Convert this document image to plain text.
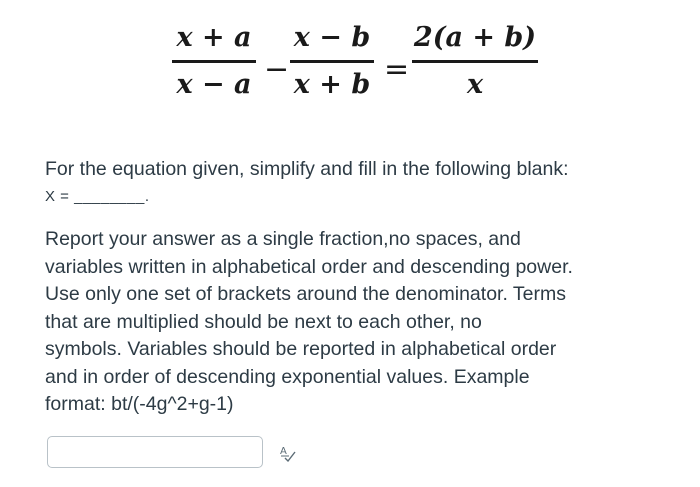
x + a
x − a −
x − b
x + b =
2(a + b)
x
For the equation given, simplify and fill in the following blank:
X = ________.
Report your answer as a single fraction,no spaces, and
variables written in alphabetical order and descending power.
Use only one set of brackets around the denominator. Terms
that are multiplied should be next to each other, no
symbols. Variables should be reported in alphabetical order
and in order of descending exponential values. Example
format: bt/(-4g^2+g-1)
A
